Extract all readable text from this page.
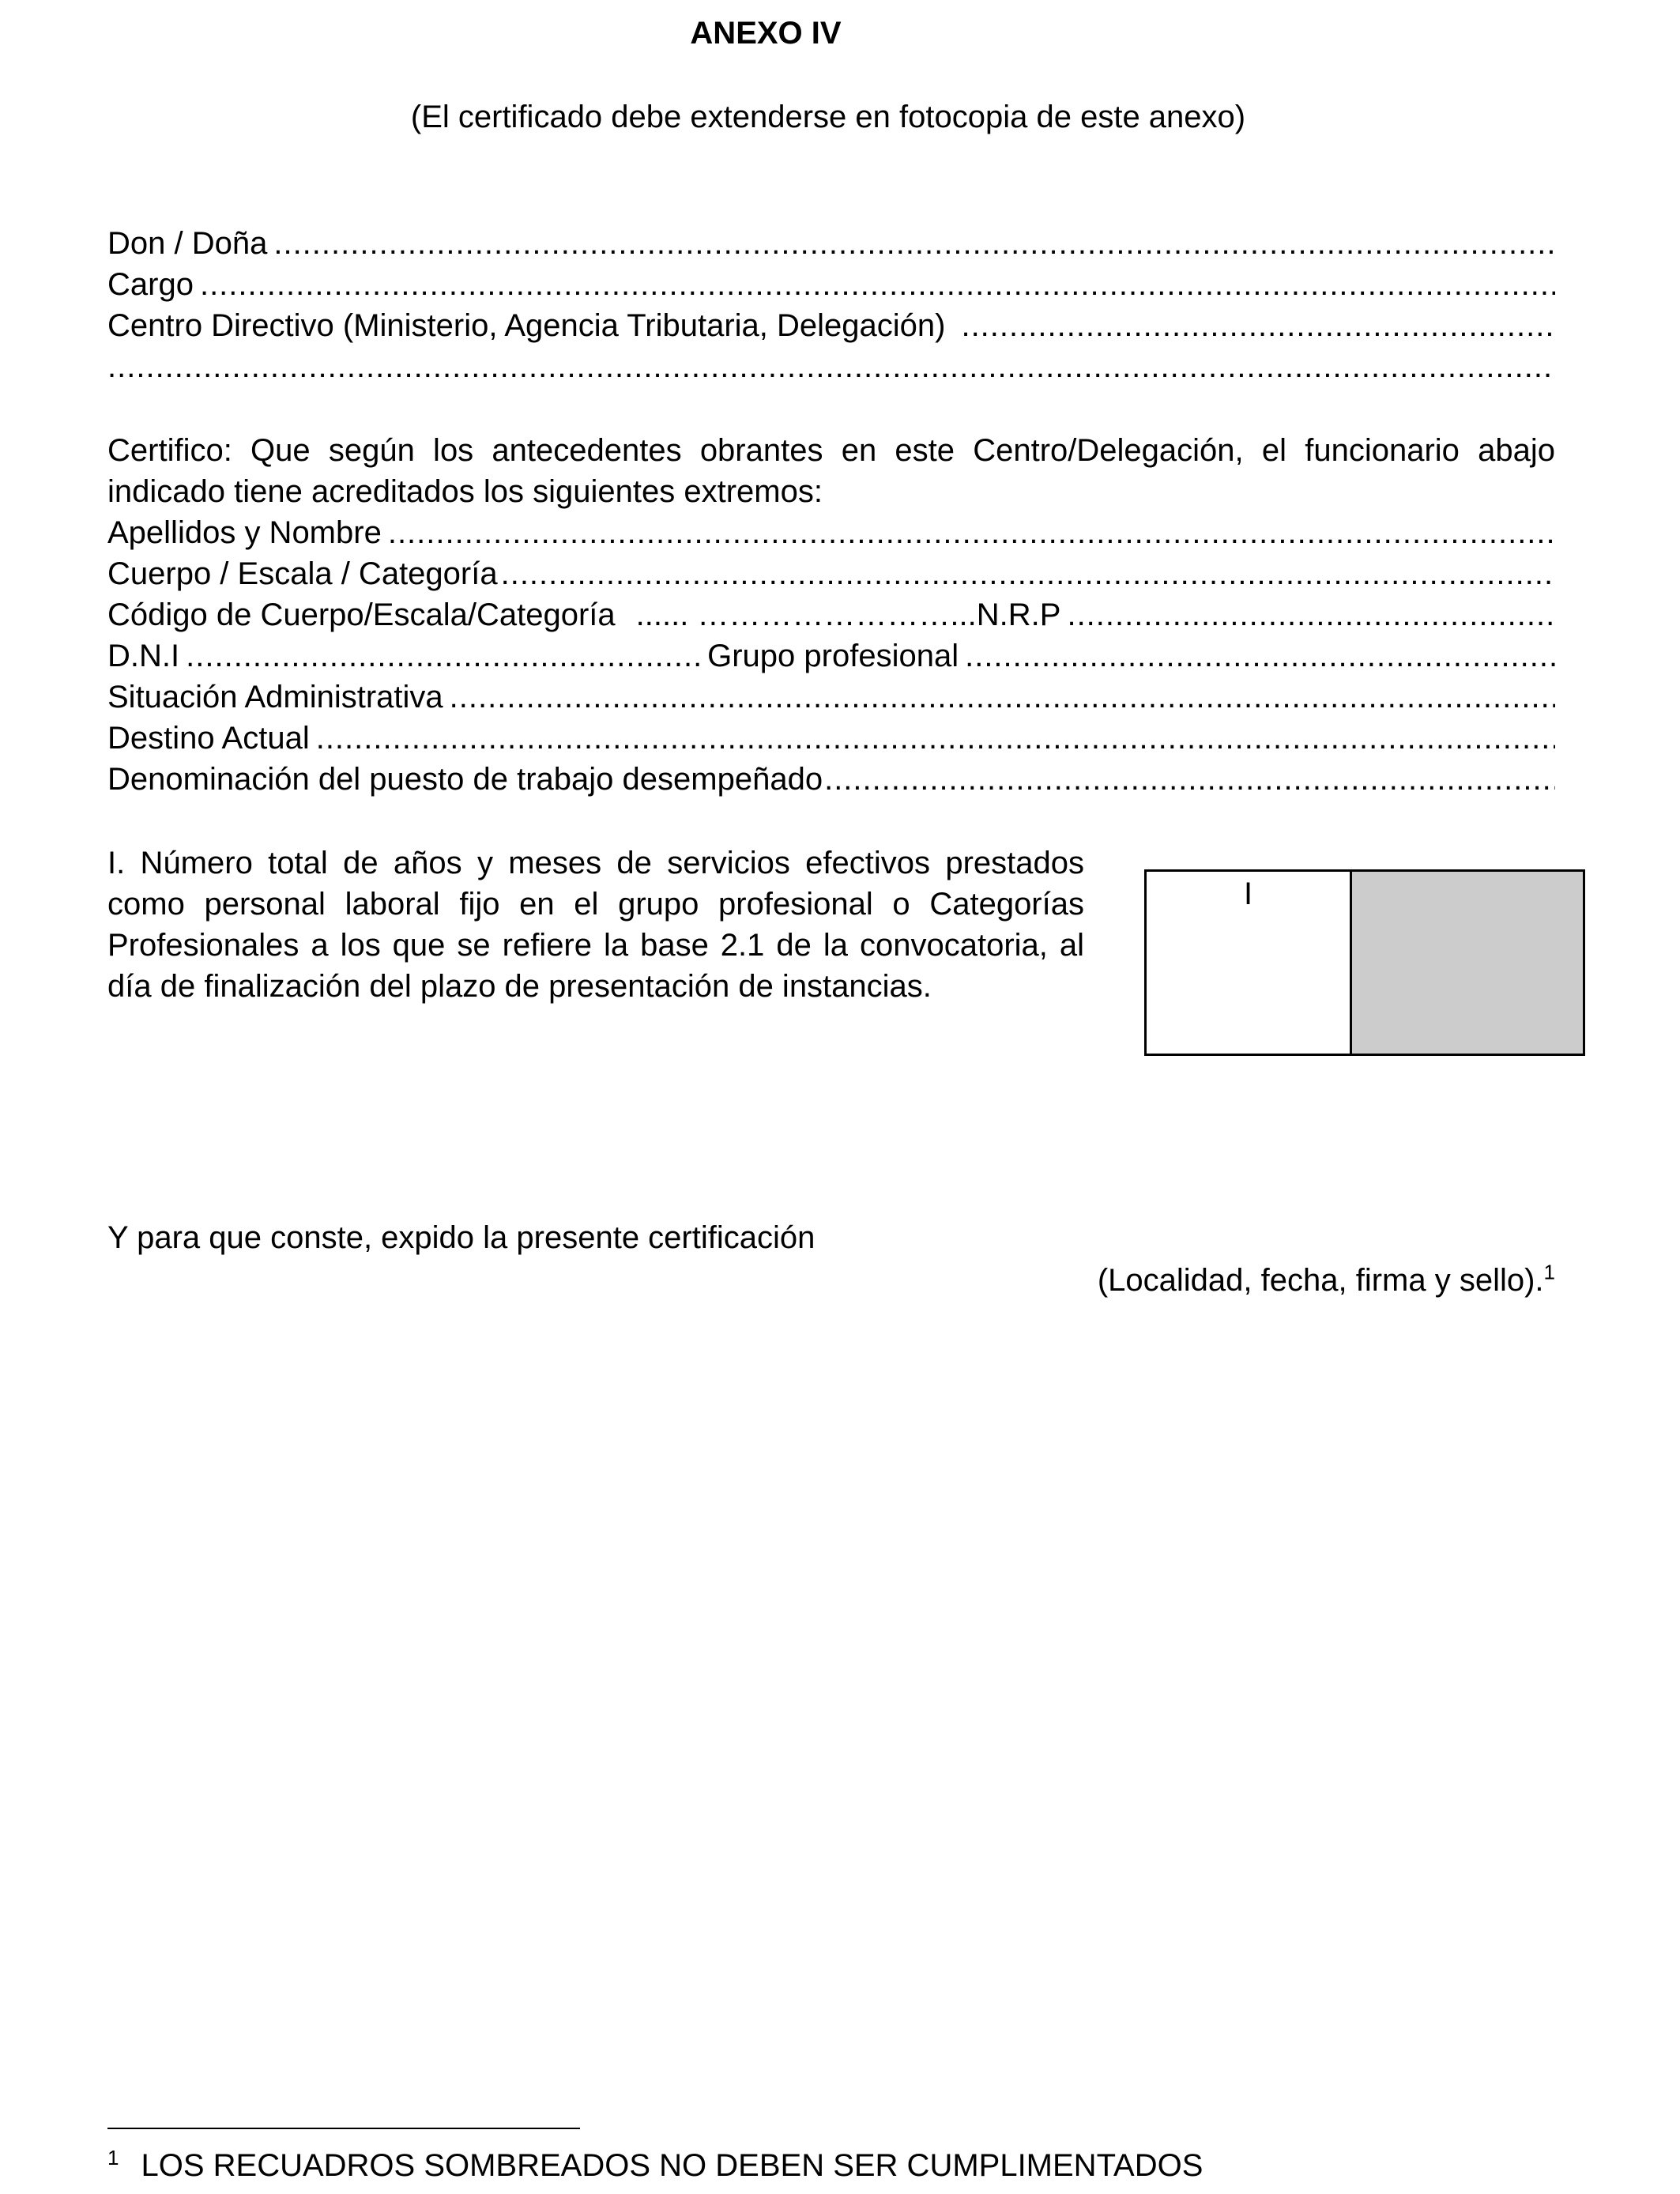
ANEXO IV
(El certificado debe extenderse en fotocopia de este anexo)
Don / Doña
.....
Cargo
.....
Centro Directivo (Ministerio, Agencia Tributaria, Delegación)
.....
.....
Certifico: Que según los antecedentes obrantes en este Centro/Delegación, el funcionario abajo
indicado tiene acreditados los siguientes extremos:
Apellidos y Nombre
.....
Cuerpo / Escala / Categoría
.....
Código de Cuerpo/Escala/Categoría ...... ……………………... N.R.P
.....
D.N.I
.....	Grupo profesional
.....
Situación Administrativa
.....
Destino Actual
.....
Denominación del puesto de trabajo desempeñado
.....
I. Número total de años y meses de servicios efectivos prestados
como personal laboral fijo en el grupo profesional o Categorías
Profesionales a los que se refiere la base 2.1 de la convocatoria, al
día de finalización del plazo de presentación de instancias.
I
Y para que conste, expido la presente certificación
(Localidad, fecha, firma y sello).$^1$
$^1$ LOS RECUADROS SOMBREADOS NO DEBEN SER CUMPLIMENTADOS
